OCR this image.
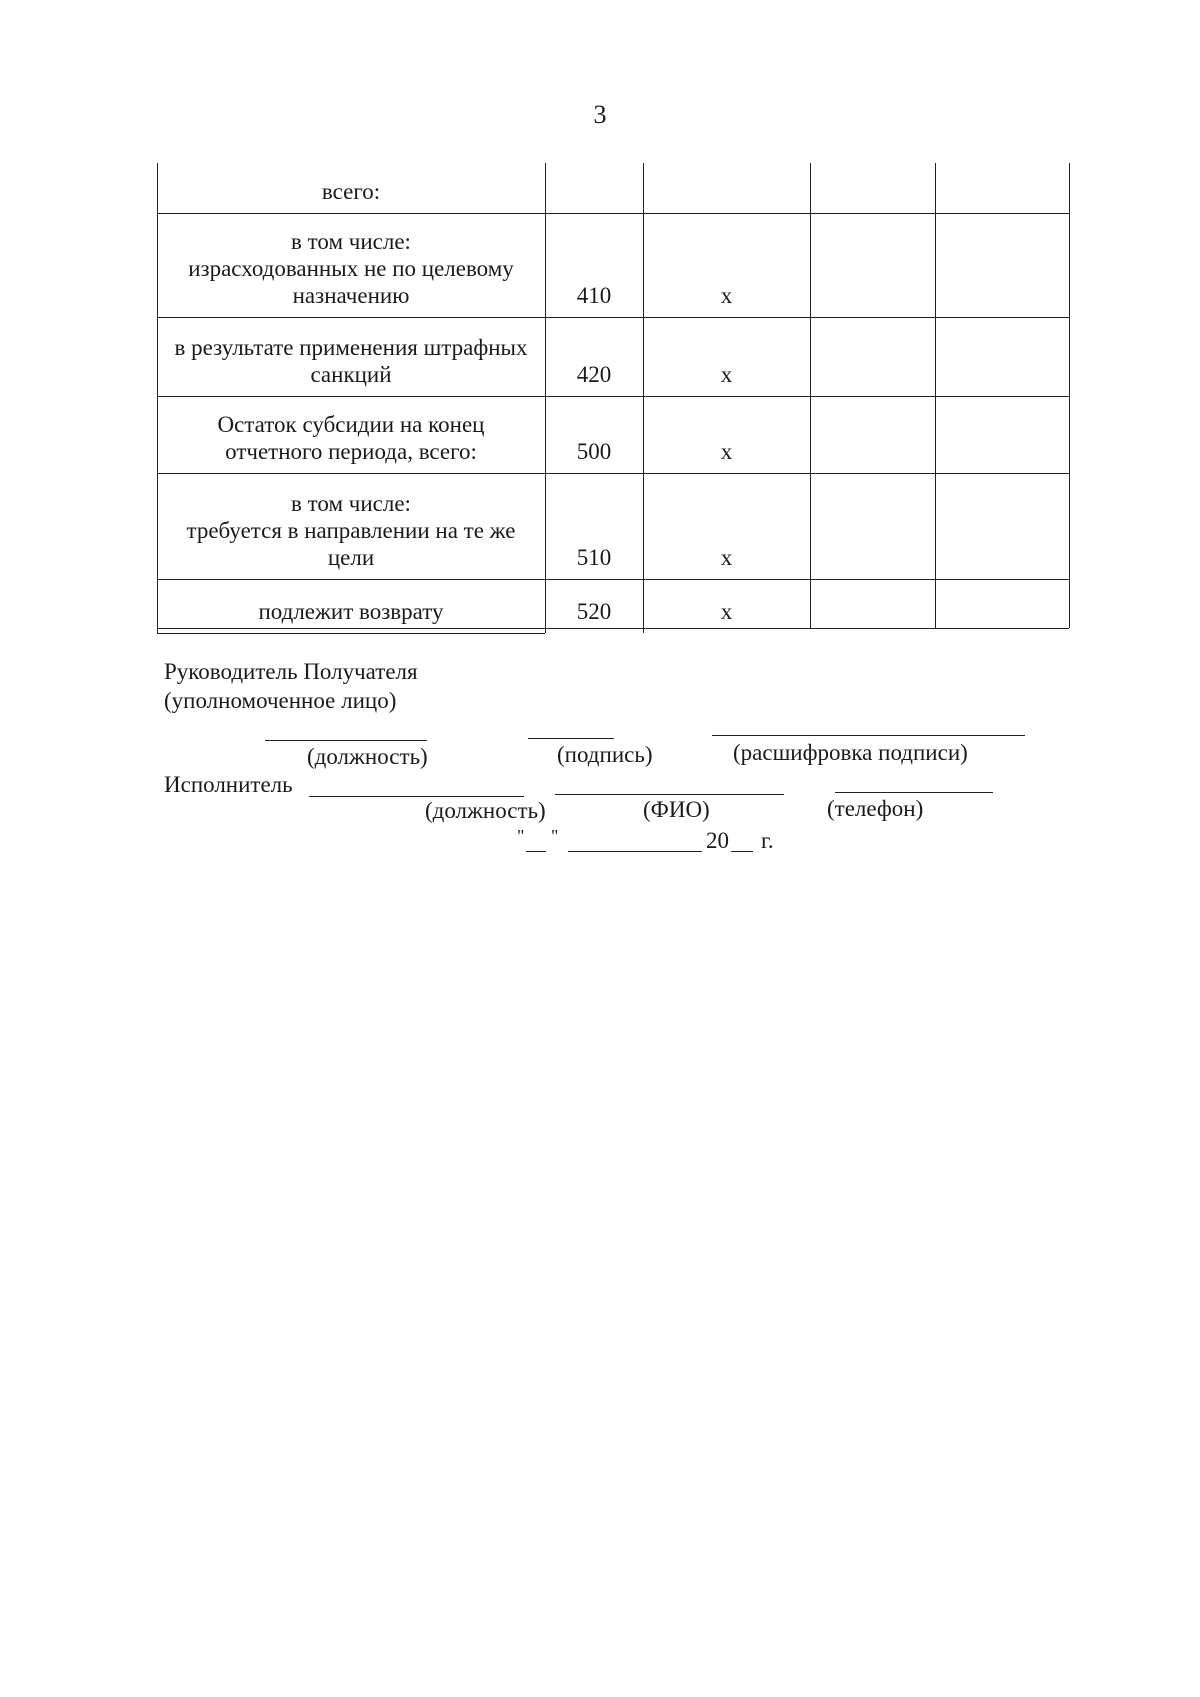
3
всего:
в том числе:
израсходованных не по целевому
назначению	410	x
в результате применения штрафных
санкций	420	x
Остаток субсидии на конец
отчетного периода, всего:	500	x
в том числе:
требуется в направлении на те же
цели	510	x
подлежит возврату	520	x
Руководитель Получателя
(уполномоченное лицо)
(должность)	(подпись)	(расшифровка подписи)
Исполнитель
(должность)	(ФИО)	(телефон)
" "	20 г.
